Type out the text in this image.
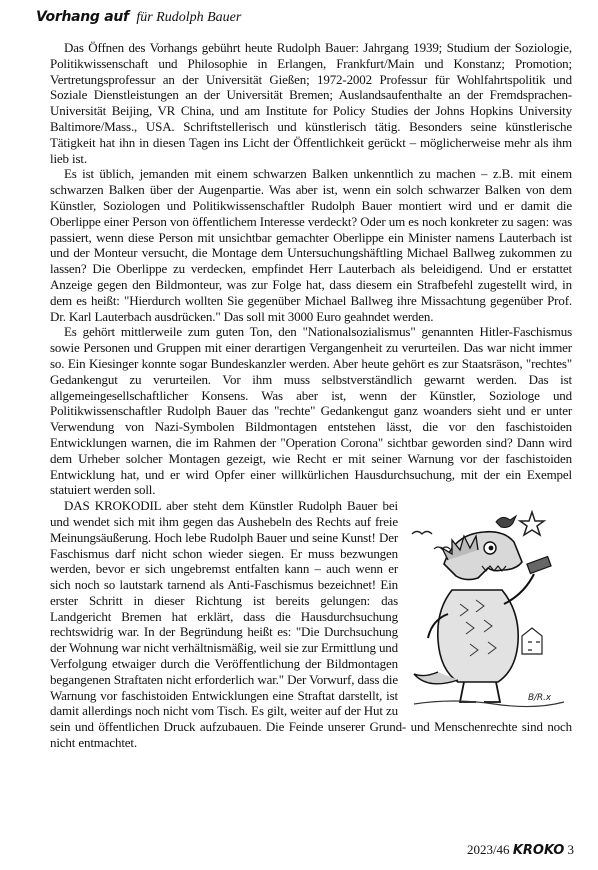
Vorhang auf für Rudolph Bauer

Das Öffnen des Vorhangs gebührt heute Rudolph Bauer: Jahrgang 1939; Studium der Soziologie, Politikwissenschaft und Philosophie in Erlangen, Frankfurt/Main und Konstanz; Promotion; Vertretungsprofessur an der Universität Gießen; 1972-2002 Professur für Wohlfahrtspolitik und Soziale Dienstleistungen an der Universität Bremen; Auslandsaufenthalte an der Fremdsprachen-Universität Beijing, VR China, und am Institute for Policy Studies der Johns Hopkins University Baltimore/Mass., USA. Schriftstellerisch und künstlerisch tätig. Besonders seine künstlerische Tätigkeit hat ihn in diesen Tagen ins Licht der Öffentlichkeit gerückt – möglicherweise mehr als ihm lieb ist.

Es ist üblich, jemanden mit einem schwarzen Balken unkenntlich zu machen – z.B. mit einem schwarzen Balken über der Augenpartie. Was aber ist, wenn ein solch schwarzer Balken von dem Künstler, Soziologen und Politikwissenschaftler Rudolph Bauer montiert wird und er damit die Oberlippe einer Person von öffentlichem Interesse verdeckt? Oder um es noch konkreter zu sagen: was passiert, wenn diese Person mit unsichtbar gemachter Oberlippe ein Minister namens Lauterbach ist und der Monteur versucht, die Montage dem Untersuchungshäftling Michael Ballweg zukommen zu lassen? Die Oberlippe zu verdecken, empfindet Herr Lauterbach als beleidigend. Und er erstattet Anzeige gegen den Bildmonteur, was zur Folge hat, dass diesem ein Strafbefehl zugestellt wird, in dem es heißt: "Hierdurch wollten Sie gegenüber Michael Ballweg ihre Missachtung gegenüber Prof. Dr. Karl Lauterbach ausdrücken." Das soll mit 3000 Euro geahndet werden.

Es gehört mittlerweile zum guten Ton, den "Nationalsozialismus" genannten Hitler-Faschismus sowie Personen und Gruppen mit einer derartigen Vergangenheit zu verurteilen. Das war nicht immer so. Ein Kiesinger konnte sogar Bundeskanzler werden. Aber heute gehört es zur Staatsräson, "rechtes" Gedankengut zu verurteilen. Vor ihm muss selbstverständlich gewarnt werden. Das ist allgemeingesellschaftlicher Konsens. Was aber ist, wenn der Künstler, Soziologe und Politikwissenschaftler Rudolph Bauer das "rechte" Gedankengut ganz woanders sieht und er unter Verwendung von Nazi-Symbolen Bildmontagen entstehen lässt, die vor den faschistoiden Entwicklungen warnen, die im Rahmen der "Operation Corona" sichtbar geworden sind? Dann wird dem Urheber solcher Montagen gezeigt, wie Recht er mit seiner Warnung vor der faschistoiden Entwicklung hat, und er wird Opfer einer willkürlichen Hausdurchsuchung, mit der ein Exempel statuiert werden soll.

B/R.x

DAS KROKODIL aber steht dem Künstler Rudolph Bauer bei und wendet sich mit ihm gegen das Aushebeln des Rechts auf freie Meinungsäußerung. Hoch lebe Rudolph Bauer und seine Kunst! Der Faschismus darf nicht schon wieder siegen. Er muss bezwungen werden, bevor er sich ungebremst entfalten kann – auch wenn er sich noch so lautstark tarnend als Anti-Faschismus bezeichnet! Ein erster Schritt in dieser Richtung ist bereits gelungen: das Landgericht Bremen hat erklärt, dass die Hausdurchsuchung rechtswidrig war. In der Begründung heißt es: "Die Durchsuchung der Wohnung war nicht verhältnismäßig, weil sie zur Ermittlung und Verfolgung etwaiger durch die Veröffentlichung der Bildmontagen begangenen Straftaten nicht erforderlich war." Der Vorwurf, dass die Warnung vor faschistoiden Entwicklungen eine Straftat darstellt, ist damit allerdings noch nicht vom Tisch. Es gilt, weiter auf der Hut zu sein und öffentlichen Druck aufzubauen. Die Feinde unserer Grund- und Menschenrechte sind noch nicht entmachtet.

2023/46 KROKO 3
